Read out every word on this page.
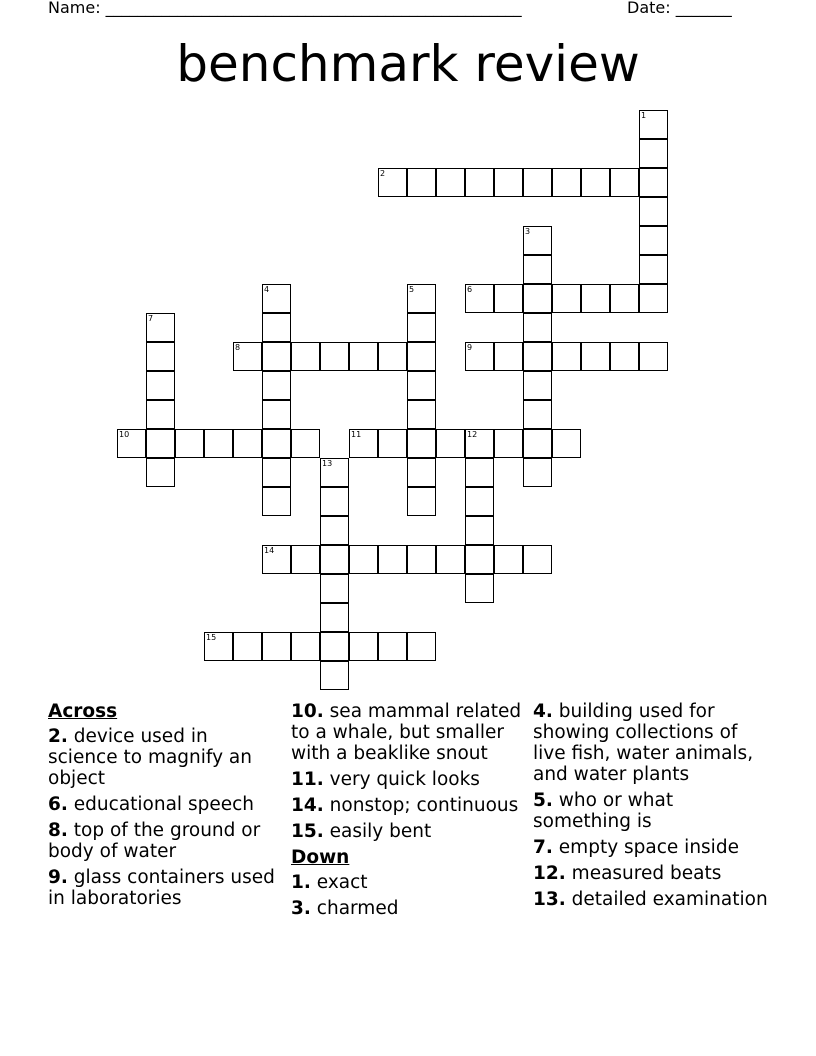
Name: ____________________________________________________	Date: _______
benchmark review
1
2
3
4	5	6
7
8	9
10	11	12
13
14
15
Across
2. device used in science to magnify an object
6. educational speech
8. top of the ground or body of water
9. glass containers used in laboratories
10. sea mammal related to a whale, but smaller with a beaklike snout
11. very quick looks
14. nonstop; continuous
15. easily bent
Down
1. exact
3. charmed
4. building used for showing collections of live fish, water animals, and water plants
5. who or what something is
7. empty space inside
12. measured beats
13. detailed examination
